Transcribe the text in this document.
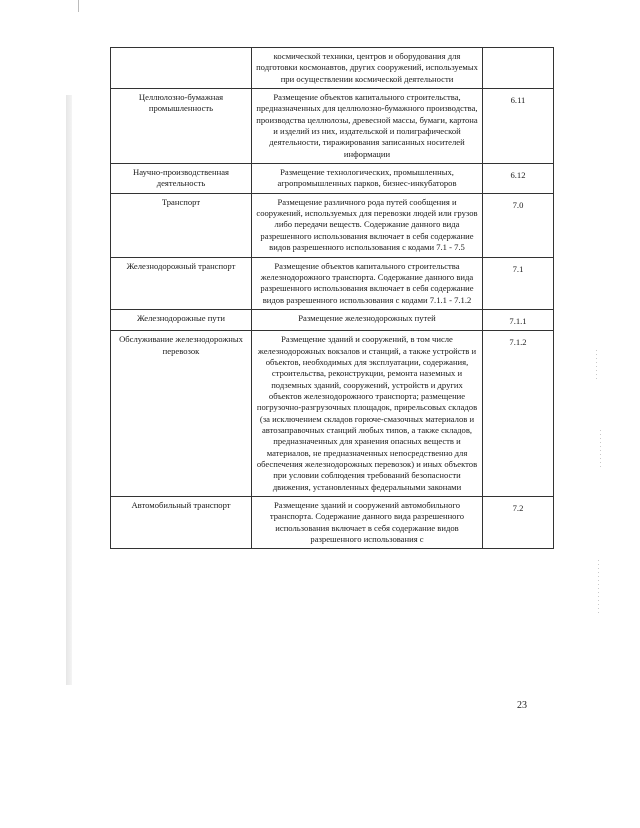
	космической техники, центров и оборудования для подготовки космонавтов, других сооружений, используемых при осуществлении космической деятельности	
Целлюлозно-бумажная промышленность	Размещение объектов капитального строительства, предназначенных для целлюлозно-бумажного производства, производства целлюлозы, древесной массы, бумаги, картона и изделий из них, издательской и полиграфической деятельности, тиражирования записанных носителей информации	6.11
Научно-производственная деятельность	Размещение технологических, промышленных, агропромышленных парков, бизнес-инкубаторов	6.12
Транспорт	Размещение различного рода путей сообщения и сооружений, используемых для перевозки людей или грузов либо передачи веществ. Содержание данного вида разрешенного использования включает в себя содержание видов разрешенного использования с кодами 7.1 - 7.5	7.0
Железнодорожный транспорт	Размещение объектов капитального строительства железнодорожного транспорта. Содержание данного вида разрешенного использования включает в себя содержание видов разрешенного использования с кодами 7.1.1 - 7.1.2	7.1
Железнодорожные пути	Размещение железнодорожных путей	7.1.1
Обслуживание железнодорожных перевозок	Размещение зданий и сооружений, в том числе железнодорожных вокзалов и станций, а также устройств и объектов, необходимых для эксплуатации, содержания, строительства, реконструкции, ремонта наземных и подземных зданий, сооружений, устройств и других объектов железнодорожного транспорта; размещение погрузочно-разгрузочных площадок, прирельсовых складов (за исключением складов горюче-смазочных материалов и автозаправочных станций любых типов, а также складов, предназначенных для хранения опасных веществ и материалов, не предназначенных непосредственно для обеспечения железнодорожных перевозок) и иных объектов при условии соблюдения требований безопасности движения, установленных федеральными законами	7.1.2
Автомобильный транспорт	Размещение зданий и сооружений автомобильного транспорта. Содержание данного вида разрешенного использования включает в себя содержание видов разрешенного использования с	7.2
23
